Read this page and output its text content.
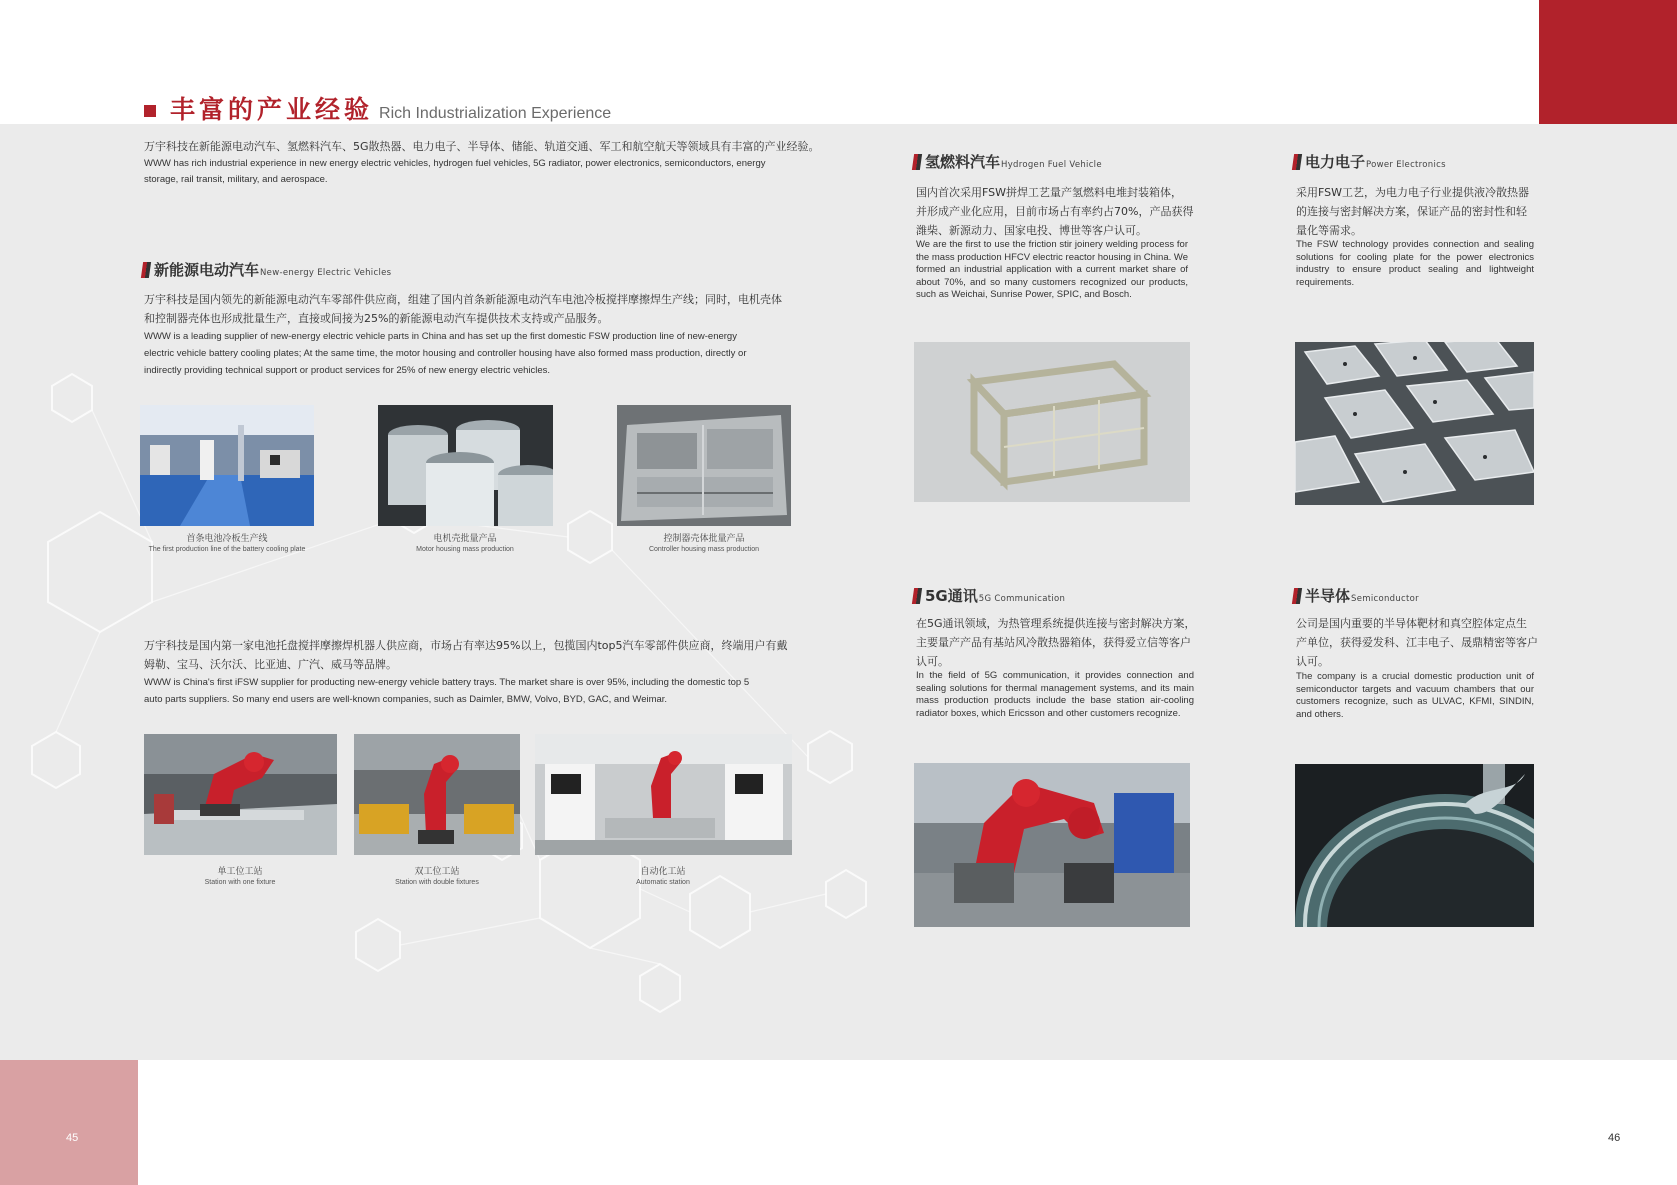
丰富的产业经验 Rich Industrialization Experience
万宇科技在新能源电动汽车、氢燃料汽车、5G散热器、电力电子、半导体、储能、轨道交通、军工和航空航天等领域具有丰富的产业经验。
WWW has rich industrial experience in new energy electric vehicles, hydrogen fuel vehicles, 5G radiator, power electronics, semiconductors, energy
storage, rail transit, military, and aerospace.
新能源电动汽车 New-energy Electric Vehicles
万宇科技是国内领先的新能源电动汽车零部件供应商，组建了国内首条新能源电动汽车电池冷板搅拌摩擦焊生产线；同时，电机壳体
和控制器壳体也形成批量生产，直接或间接为25%的新能源电动汽车提供技术支持或产品服务。
WWW is a leading supplier of new-energy electric vehicle parts in China and has set up the first domestic FSW production line of new-energy
electric vehicle battery cooling plates; At the same time, the motor housing and controller housing have also formed mass production, directly or
indirectly providing technical support or product services for 25% of new energy electric vehicles.
首条电池冷板生产线
The first production line of the battery cooling plate
电机壳批量产品
Motor housing mass production
控制器壳体批量产品
Controller housing mass production
万宇科技是国内第一家电池托盘搅拌摩擦焊机器人供应商，市场占有率达95%以上，包揽国内top5汽车零部件供应商，终端用户有戴
姆勒、宝马、沃尔沃、比亚迪、广汽、威马等品牌。
WWW is China's first iFSW supplier for producting new-energy vehicle battery trays. The market share is over 95%, including the domestic top 5
auto parts suppliers. So many end users are well-known companies, such as Daimler, BMW, Volvo, BYD, GAC, and Weimar.
单工位工站
Station with one fixture
双工位工站
Station with double fixtures
自动化工站
Automatic station
氢燃料汽车 Hydrogen Fuel Vehicle
国内首次采用FSW拼焊工艺量产氢燃料电堆封装箱体，
并形成产业化应用，目前市场占有率约占70%，产品获得
潍柴、新源动力、国家电投、博世等客户认可。
We are the first to use the friction stir joinery welding process for the mass production HFCV electric reactor housing in China. We formed an industrial application with a current market share of about 70%, and so many customers recognized our products, such as Weichai, Sunrise Power, SPIC, and Bosch.
电力电子 Power Electronics
采用FSW工艺，为电力电子行业提供液冷散热器
的连接与密封解决方案，保证产品的密封性和轻
量化等需求。
The FSW technology provides connection and sealing solutions for cooling plate for the power electronics industry to ensure product sealing and lightweight requirements.
5G通讯 5G Communication
在5G通讯领域，为热管理系统提供连接与密封解决方案，
主要量产产品有基站风冷散热器箱体，获得爱立信等客户
认可。
In the field of 5G communication, it provides connection and sealing solutions for thermal management systems, and its main mass production products include the base station air-cooling radiator boxes, which Ericsson and other customers recognize.
半导体 Semiconductor
公司是国内重要的半导体靶材和真空腔体定点生
产单位，获得爱发科、江丰电子、晟鼎精密等客户
认可。
The company is a crucial domestic production unit of semiconductor targets and vacuum chambers that our customers recognize, such as ULVAC, KFMI, SINDIN, and others.
45	46
